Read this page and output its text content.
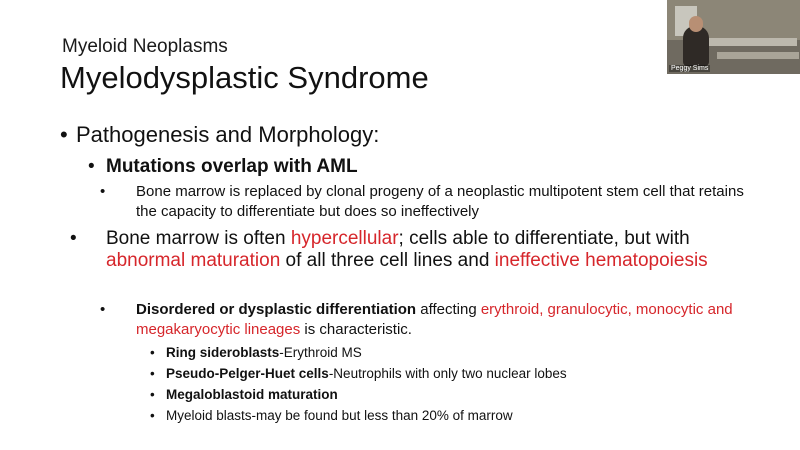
Myeloid Neoplasms
Myelodysplastic Syndrome
• Pathogenesis and Morphology:
• Mutations overlap with AML
• Bone marrow is replaced by clonal progeny of a neoplastic multipotent stem cell that retains the capacity to differentiate but does so ineffectively
• Bone marrow is often hypercellular; cells able to differentiate, but with abnormal maturation of all three cell lines and ineffective hematopoiesis
• Disordered or dysplastic differentiation affecting erythroid, granulocytic, monocytic and megakaryocytic lineages is characteristic.
• Ring sideroblasts-Erythroid MS
• Pseudo-Pelger-Huet cells-Neutrophils with only two nuclear lobes
• Megaloblastoid maturation
• Myeloid blasts-may be found but less than 20% of marrow
Peggy Sims
